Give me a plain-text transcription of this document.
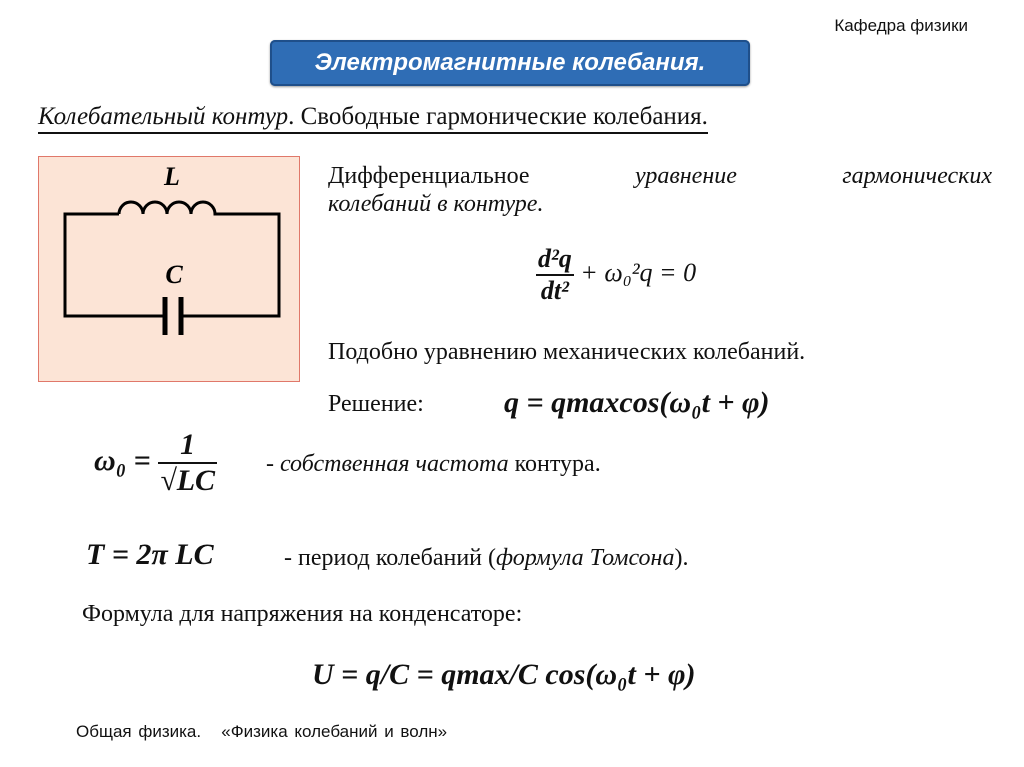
Кафедра физики
Электромагнитные колебания.
Колебательный контур. Свободные гармонические колебания.
L
C
Дифференциальное	уравнение	гармонических
колебаний в контуре.
$\frac{\text{d²q}}{\text{dt²}} + \omega_0^2q = 0$
Подобно уравнению механических колебаний.
Решение:	q = qmaxcos(ω₀t + φ)
$\omega_0 = \frac{1}{√LC}$ - собственная частота контура.
T = 2π LC	- период колебаний (формула Томсона).
Формула для напряжения на конденсаторе:
U = q/C = qmax/C cos(ω₀t + φ)
Общая физика. «Физика колебаний и волн»
